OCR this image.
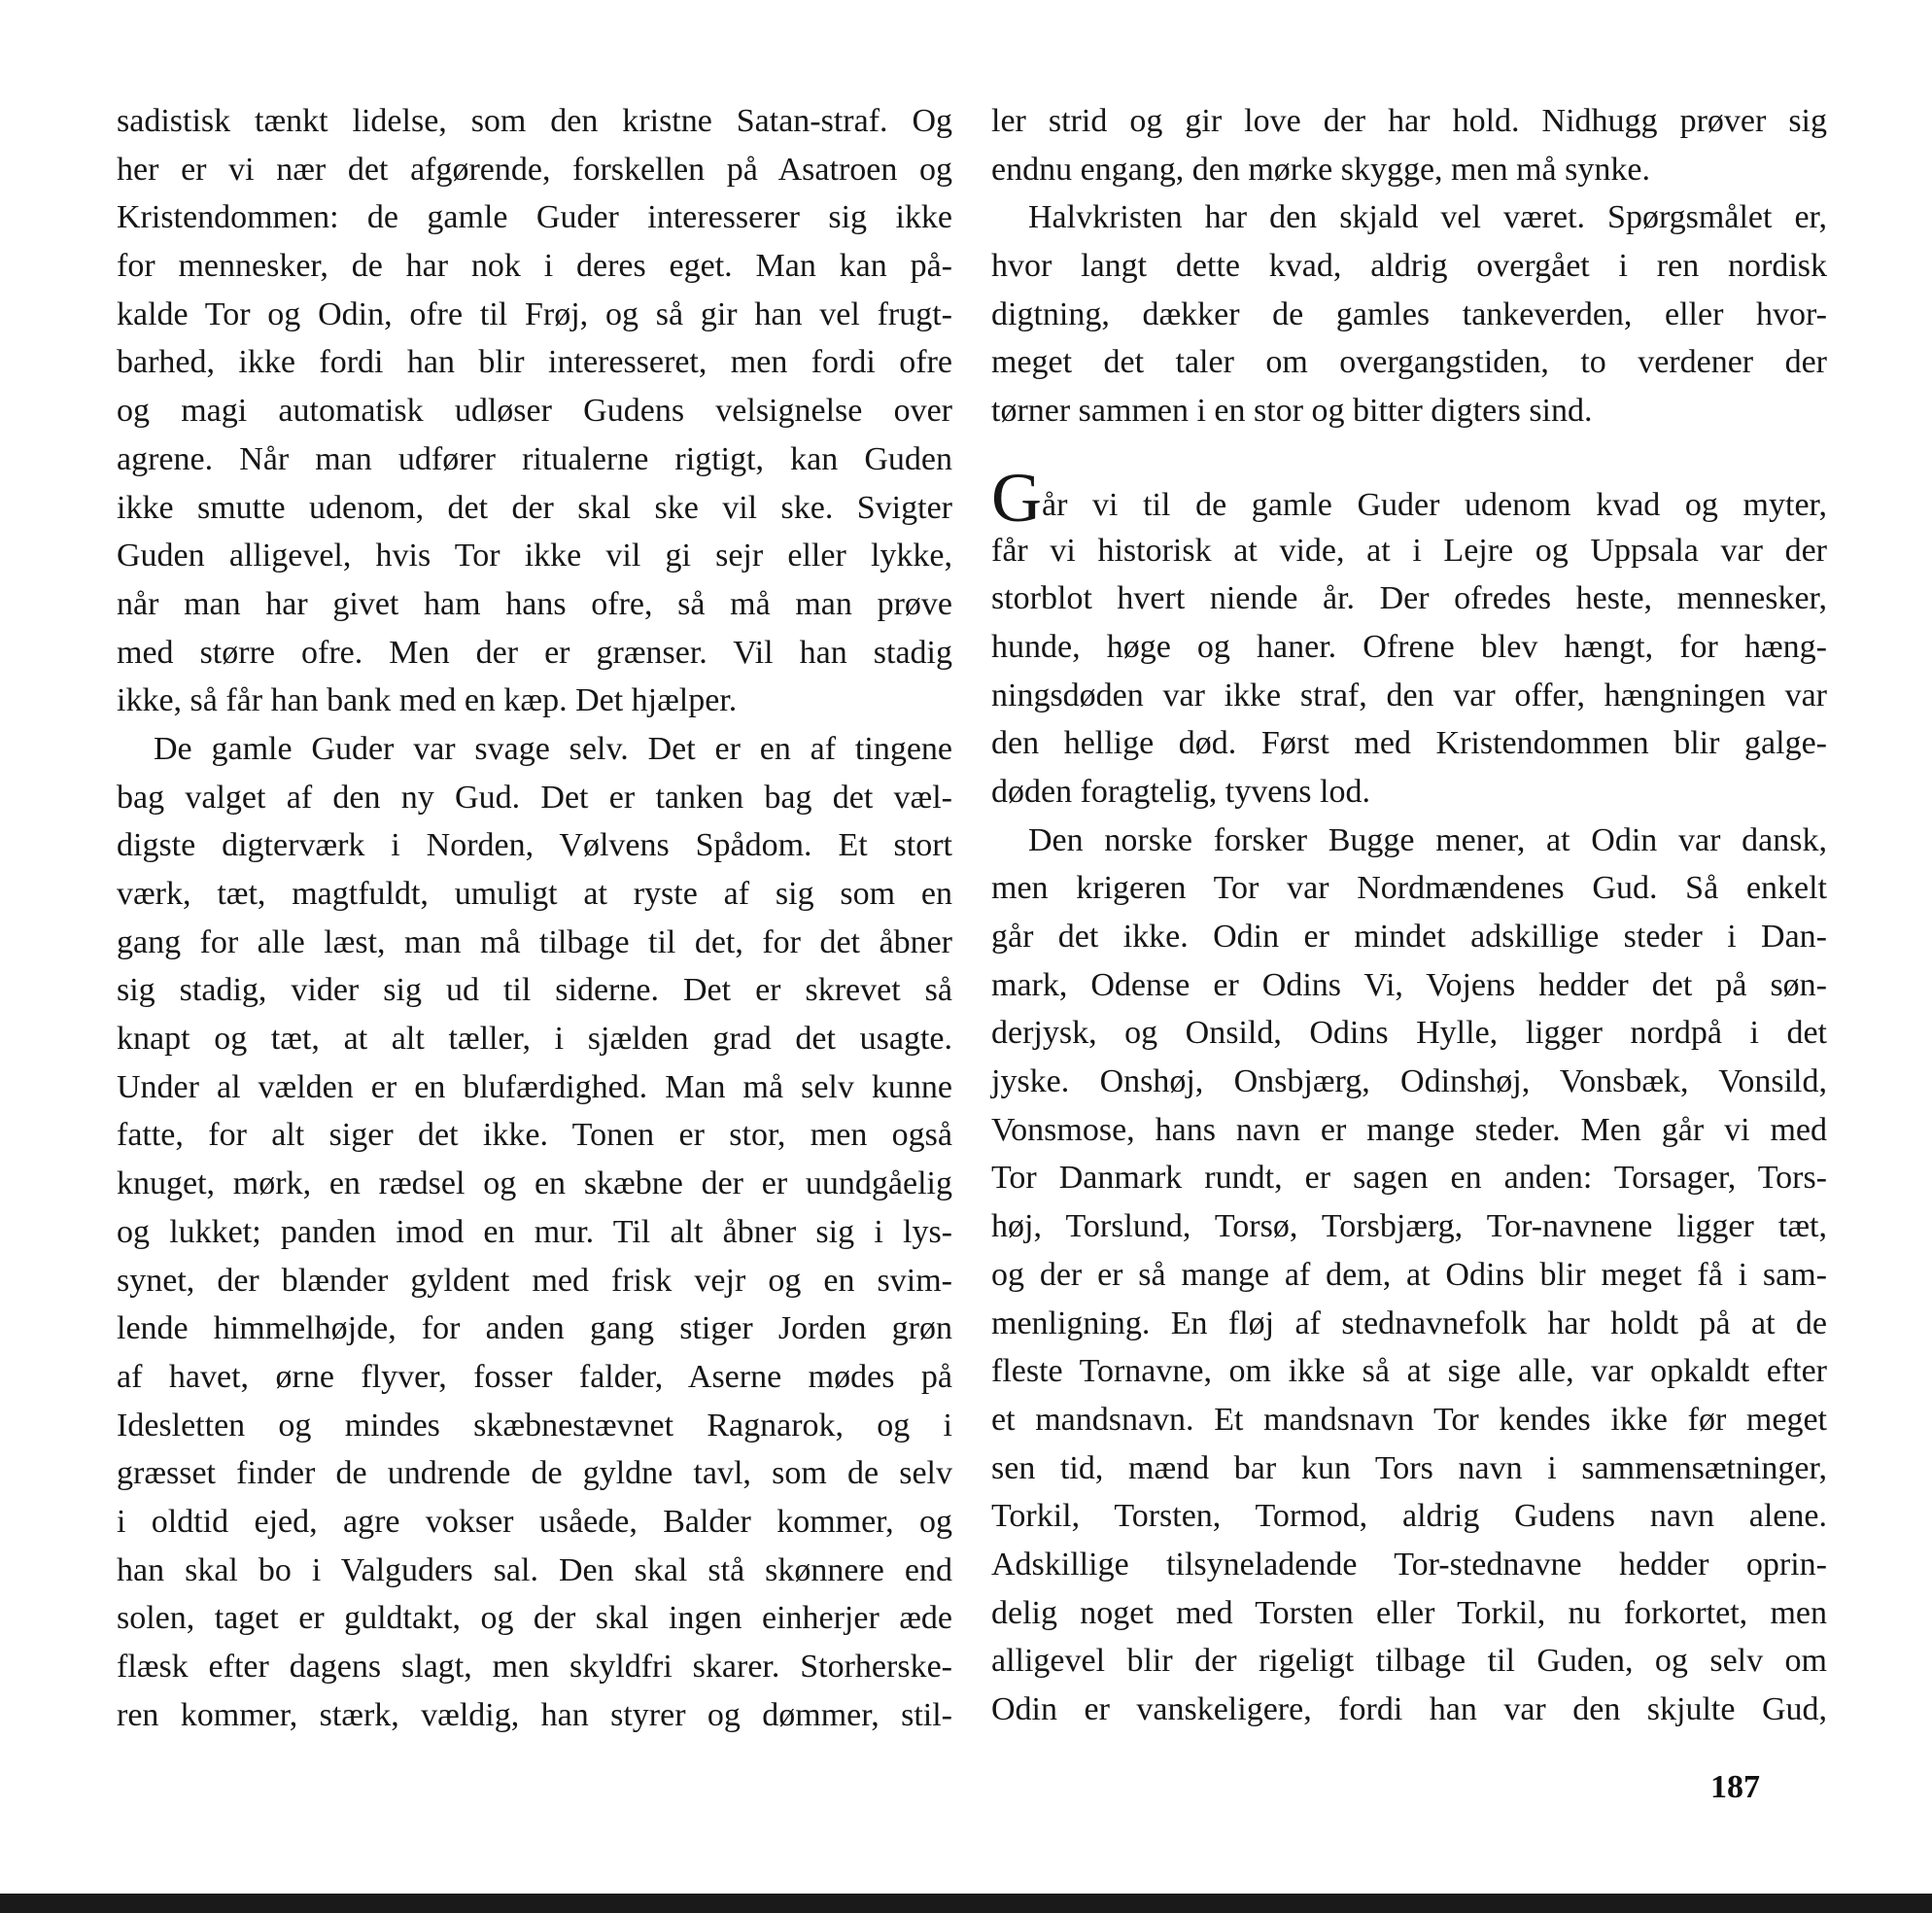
sadistisk tænkt lidelse, som den kristne Satan-straf. Og
her er vi nær det afgørende, forskellen på Asatroen og
Kristendommen: de gamle Guder interesserer sig ikke
for mennesker, de har nok i deres eget. Man kan på-
kalde Tor og Odin, ofre til Frøj, og så gir han vel frugt-
barhed, ikke fordi han blir interesseret, men fordi ofre
og magi automatisk udløser Gudens velsignelse over
agrene. Når man udfører ritualerne rigtigt, kan Guden
ikke smutte udenom, det der skal ske vil ske. Svigter
Guden alligevel, hvis Tor ikke vil gi sejr eller lykke,
når man har givet ham hans ofre, så må man prøve
med større ofre. Men der er grænser. Vil han stadig
ikke, så får han bank med en kæp. Det hjælper.
De gamle Guder var svage selv. Det er en af tingene
bag valget af den ny Gud. Det er tanken bag det væl-
digste digterværk i Norden, Vølvens Spådom. Et stort
værk, tæt, magtfuldt, umuligt at ryste af sig som en
gang for alle læst, man må tilbage til det, for det åbner
sig stadig, vider sig ud til siderne. Det er skrevet så
knapt og tæt, at alt tæller, i sjælden grad det usagte.
Under al vælden er en blufærdighed. Man må selv kunne
fatte, for alt siger det ikke. Tonen er stor, men også
knuget, mørk, en rædsel og en skæbne der er uundgåelig
og lukket; panden imod en mur. Til alt åbner sig i lys-
synet, der blænder gyldent med frisk vejr og en svim-
lende himmelhøjde, for anden gang stiger Jorden grøn
af havet, ørne flyver, fosser falder, Aserne mødes på
Idesletten og mindes skæbnestævnet Ragnarok, og i
græsset finder de undrende de gyldne tavl, som de selv
i oldtid ejed, agre vokser usåede, Balder kommer, og
han skal bo i Valguders sal. Den skal stå skønnere end
solen, taget er guldtakt, og der skal ingen einherjer æde
flæsk efter dagens slagt, men skyldfri skarer. Storherske-
ren kommer, stærk, vældig, han styrer og dømmer, stil-
ler strid og gir love der har hold. Nidhugg prøver sig
endnu engang, den mørke skygge, men må synke.
Halvkristen har den skjald vel været. Spørgsmålet er,
hvor langt dette kvad, aldrig overgået i ren nordisk
digtning, dækker de gamles tankeverden, eller hvor-
meget det taler om overgangstiden, to verdener der
tørner sammen i en stor og bitter digters sind.
Går vi til de gamle Guder udenom kvad og myter,
får vi historisk at vide, at i Lejre og Uppsala var der
storblot hvert niende år. Der ofredes heste, mennesker,
hunde, høge og haner. Ofrene blev hængt, for hæng-
ningsdøden var ikke straf, den var offer, hængningen var
den hellige død. Først med Kristendommen blir galge-
døden foragtelig, tyvens lod.
Den norske forsker Bugge mener, at Odin var dansk,
men krigeren Tor var Nordmændenes Gud. Så enkelt
går det ikke. Odin er mindet adskillige steder i Dan-
mark, Odense er Odins Vi, Vojens hedder det på søn-
derjysk, og Onsild, Odins Hylle, ligger nordpå i det
jyske. Onshøj, Onsbjærg, Odinshøj, Vonsbæk, Vonsild,
Vonsmose, hans navn er mange steder. Men går vi med
Tor Danmark rundt, er sagen en anden: Torsager, Tors-
høj, Torslund, Torsø, Torsbjærg, Tor-navnene ligger tæt,
og der er så mange af dem, at Odins blir meget få i sam-
menligning. En fløj af stednavnefolk har holdt på at de
fleste Tornavne, om ikke så at sige alle, var opkaldt efter
et mandsnavn. Et mandsnavn Tor kendes ikke før meget
sen tid, mænd bar kun Tors navn i sammensætninger,
Torkil, Torsten, Tormod, aldrig Gudens navn alene.
Adskillige tilsyneladende Tor-stednavne hedder oprin-
delig noget med Torsten eller Torkil, nu forkortet, men
alligevel blir der rigeligt tilbage til Guden, og selv om
Odin er vanskeligere, fordi han var den skjulte Gud,
187
